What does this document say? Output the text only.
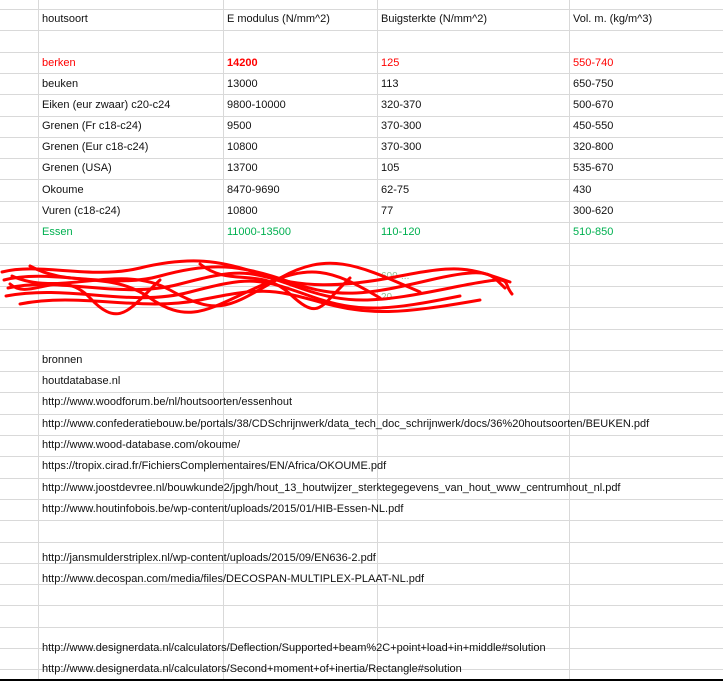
houtsoort	E modulus (N/mm^2)	Buigsterkte (N/mm^2)	Vol. m. (kg/m^3)
berken	14200	125	550-740
beuken	13000	113	650-750
Eiken (eur zwaar) c20-c24	9800-10000	320-370	500-670
Grenen (Fr c18-c24)	9500	370-300	450-550
Grenen (Eur c18-c24)	10800	370-300	320-800
Grenen (USA)	13700	105	535-670
Okoume	8470-9690	62-75	430
Vuren (c18-c24)	10800	77	300-620
Essen	11000-13500	110-120	510-850
600-...
20
bronnen
houtdatabase.nl
http://www.woodforum.be/nl/houtsoorten/essenhout
http://www.confederatiebouw.be/portals/38/CDSchrijnwerk/data_tech_doc_schrijnwerk/docs/36%20houtsoorten/BEUKEN.pdf
http://www.wood-database.com/okoume/
https://tropix.cirad.fr/FichiersComplementaires/EN/Africa/OKOUME.pdf
http://www.joostdevree.nl/bouwkunde2/jpgh/hout_13_houtwijzer_sterktegegevens_van_hout_www_centrumhout_nl.pdf
http://www.houtinfobois.be/wp-content/uploads/2015/01/HIB-Essen-NL.pdf
http://jansmulderstriplex.nl/wp-content/uploads/2015/09/EN636-2.pdf
http://www.decospan.com/media/files/DECOSPAN-MULTIPLEX-PLAAT-NL.pdf
http://www.designerdata.nl/calculators/Deflection/Supported+beam%2C+point+load+in+middle#solution
http://www.designerdata.nl/calculators/Second+moment+of+inertia/Rectangle#solution
